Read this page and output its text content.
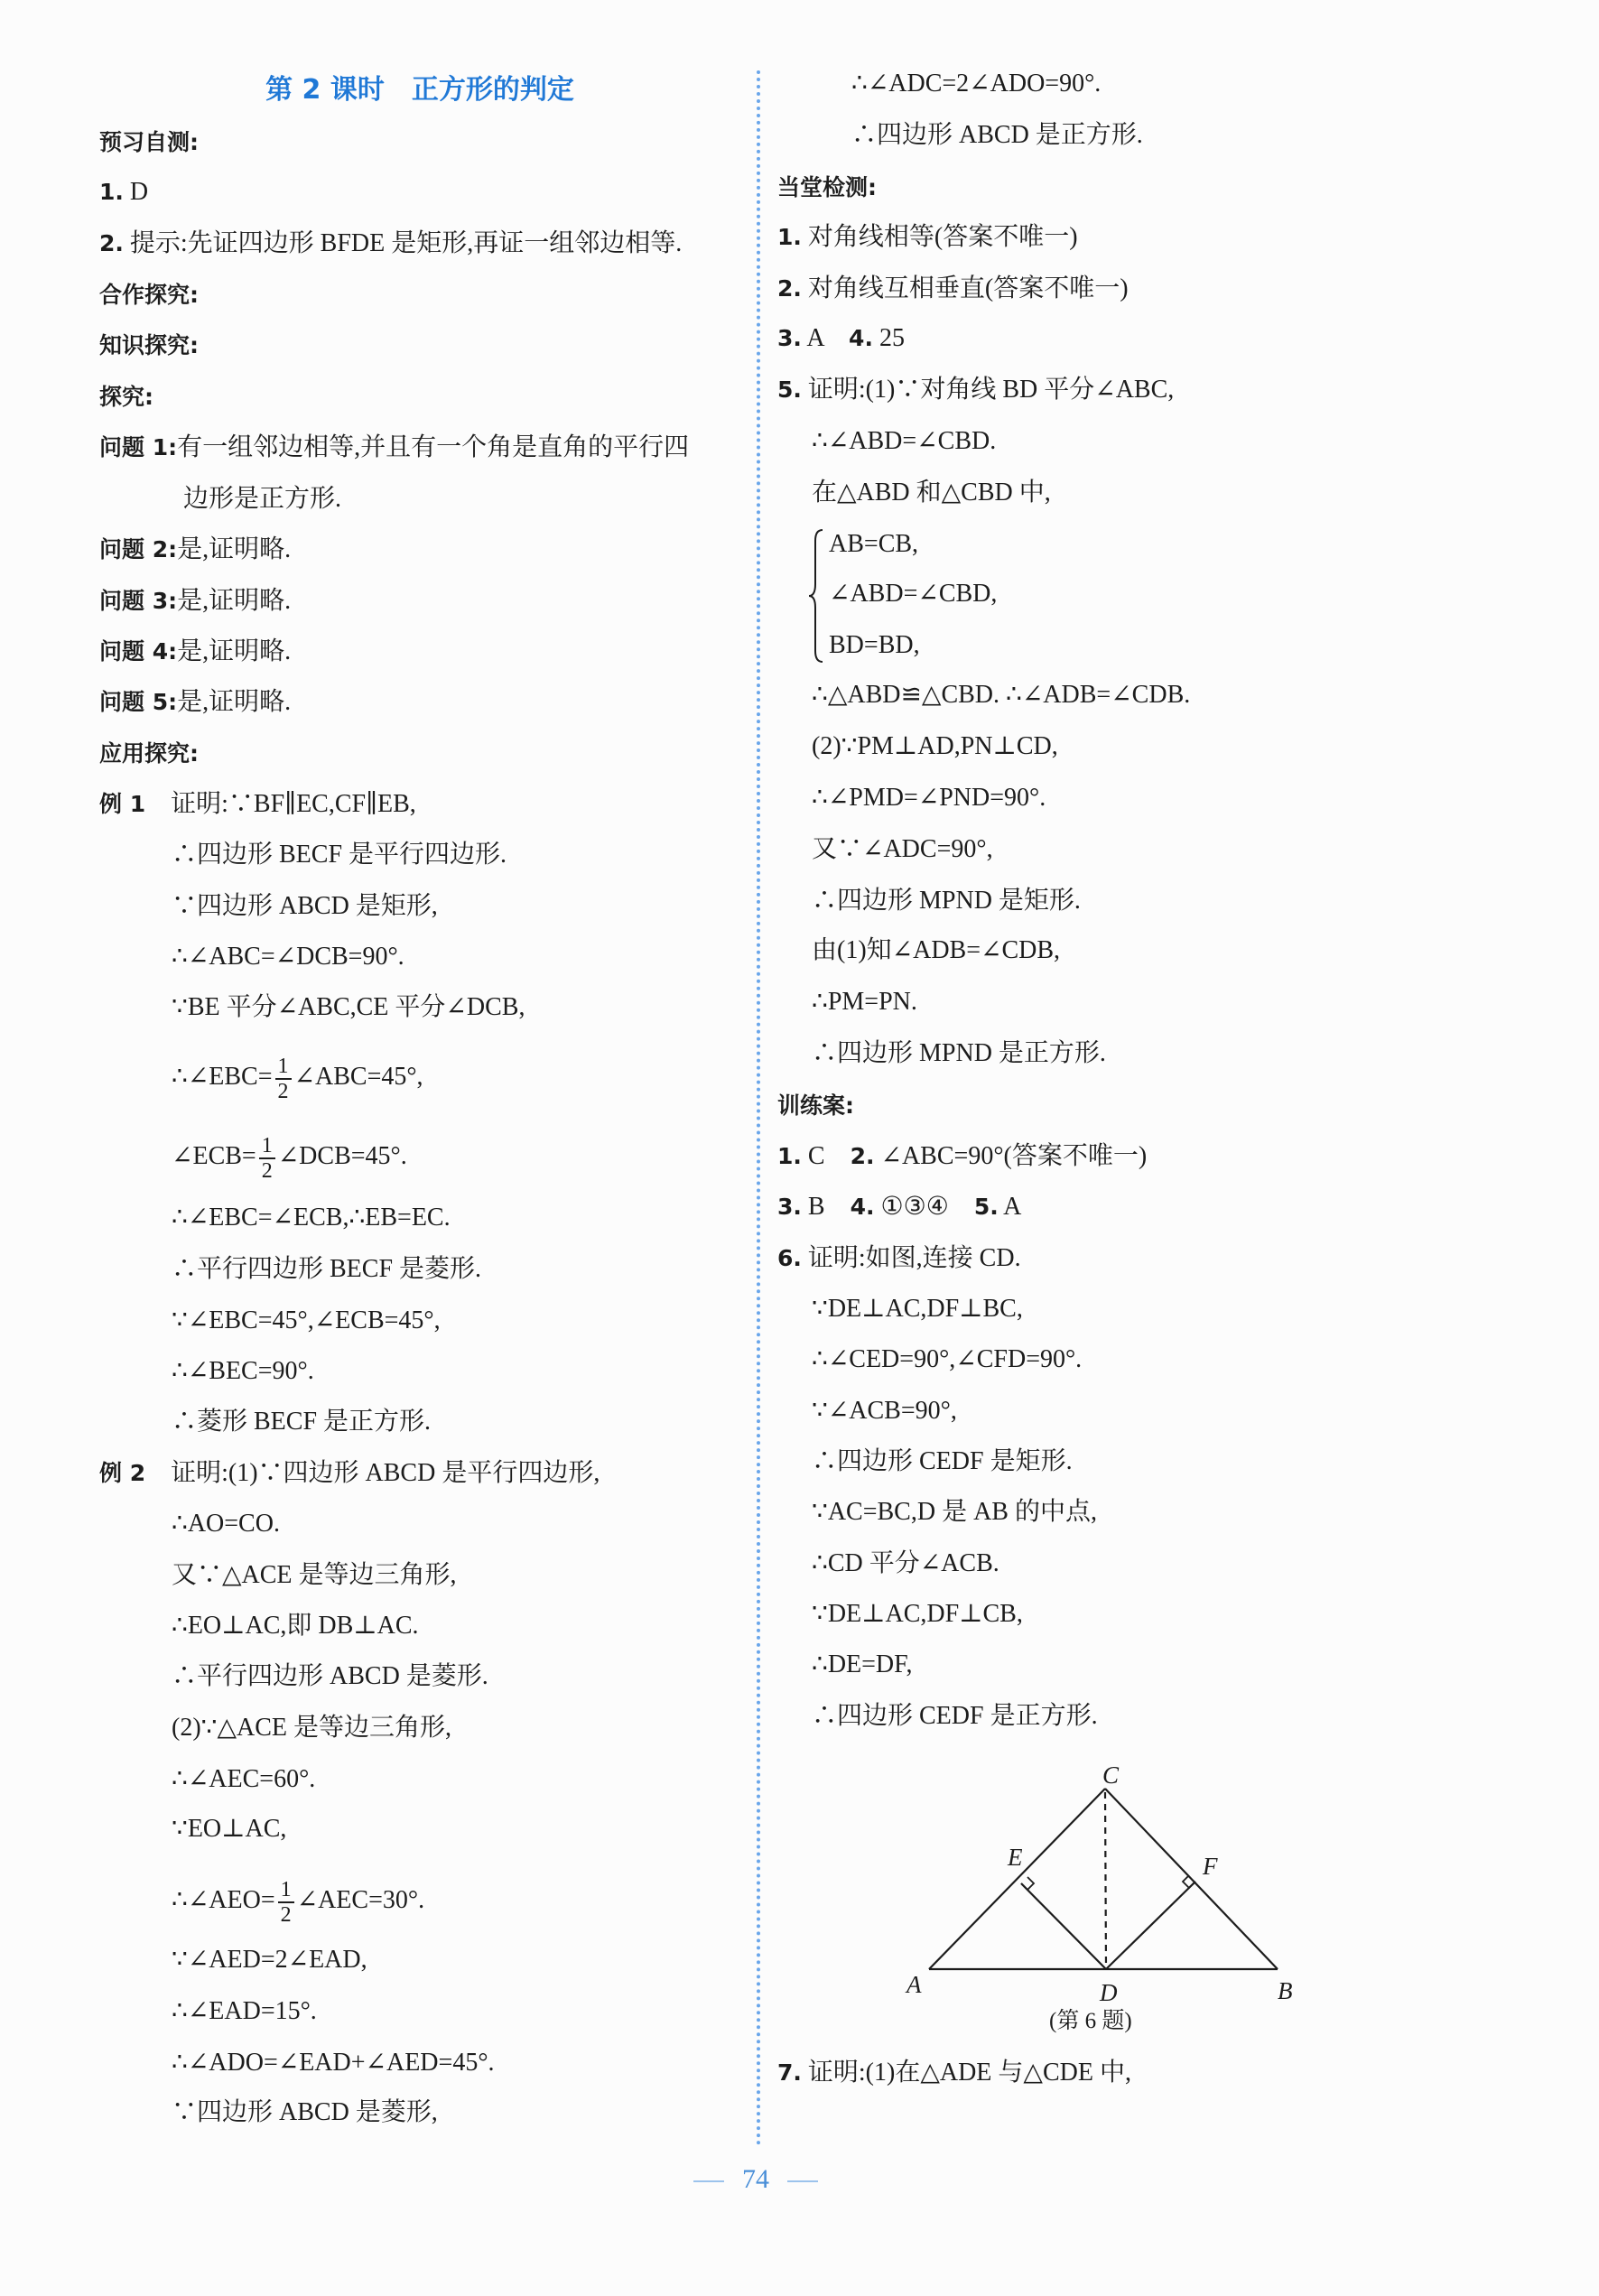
第 2 课时　正方形的判定
预习自测:
1. D
2. 提示:先证四边形 BFDE 是矩形,再证一组邻边相等.
合作探究:
知识探究:
探究:
问题 1:有一组邻边相等,并且有一个角是直角的平行四
边形是正方形.
问题 2:是,证明略.
问题 3:是,证明略.
问题 4:是,证明略.
问题 5:是,证明略.
应用探究:
例 1　证明:∵BF∥EC,CF∥EB,
∴四边形 BECF 是平行四边形.
∵四边形 ABCD 是矩形,
∴∠ABC=∠DCB=90°.
∵BE 平分∠ABC,CE 平分∠DCB,
∴∠EBC=∠ECB,∴EB=EC.
∴平行四边形 BECF 是菱形.
∵∠EBC=45°,∠ECB=45°,
∴∠BEC=90°.
∴菱形 BECF 是正方形.
例 2　证明:(1)∵四边形 ABCD 是平行四边形,
∴AO=CO.
又∵△ACE 是等边三角形,
∴EO⊥AC,即 DB⊥AC.
∴平行四边形 ABCD 是菱形.
(2)∵△ACE 是等边三角形,
∴∠AEC=60°.
∵EO⊥AC,
∵∠AED=2∠EAD,
∴∠EAD=15°.
∴∠ADO=∠EAD+∠AED=45°.
∵四边形 ABCD 是菱形,
∴∠EBC= $\frac{1}{2}$ ∠ABC=45°,
∠ECB= $\frac{1}{2}$ ∠DCB=45°.
∴∠AEO= $\frac{1}{2}$ ∠AEC=30°.
∴∠ADC=2∠ADO=90°.
∴四边形 ABCD 是正方形.
当堂检测:
1. 对角线相等(答案不唯一)
2. 对角线互相垂直(答案不唯一)
3. A　4. 25
5. 证明:(1)∵对角线 BD 平分∠ABC,
∴∠ABD=∠CBD.
在△ABD 和△CBD 中,
AB=CB,
∠ABD=∠CBD,
BD=BD,
∴△ABD≌△CBD. ∴∠ADB=∠CDB.
(2)∵PM⊥AD,PN⊥CD,
∴∠PMD=∠PND=90°.
又∵∠ADC=90°,
∴四边形 MPND 是矩形.
由(1)知∠ADB=∠CDB,
∴PM=PN.
∴四边形 MPND 是正方形.
训练案:
1. C　2. ∠ABC=90°(答案不唯一)
3. B　4. ①③④　5. A
6. 证明:如图,连接 CD.
∵DE⊥AC,DF⊥BC,
∴∠CED=90°,∠CFD=90°.
∵∠ACB=90°,
∴四边形 CEDF 是矩形.
∵AC=BC,D 是 AB 的中点,
∴CD 平分∠ACB.
∵DE⊥AC,DF⊥CB,
∴DE=DF,
∴四边形 CEDF 是正方形.
7. 证明:(1)在△ADE 与△CDE 中,
C
E	F
A	D	B
(第 6 题)
74
